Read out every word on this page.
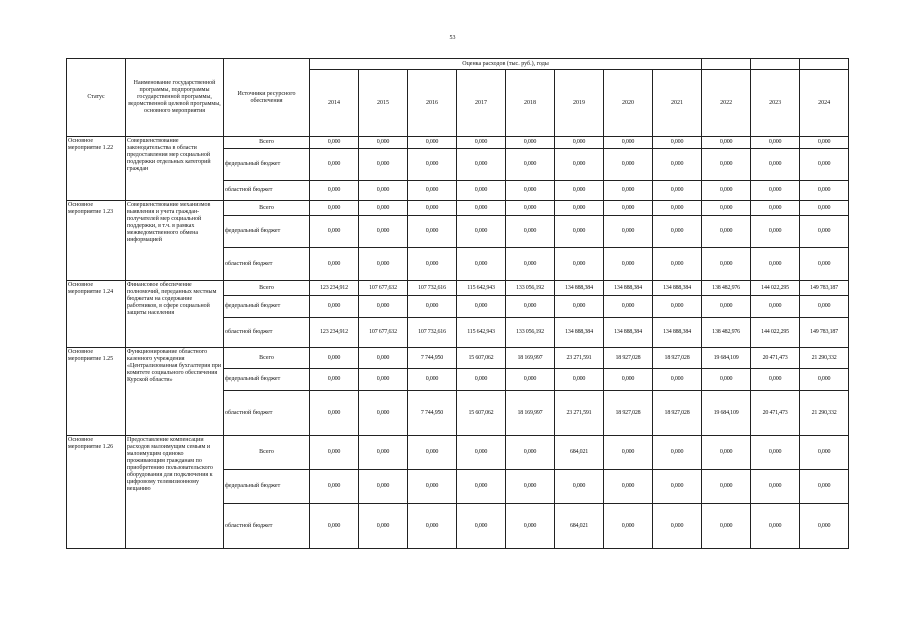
53
Статус	Наименование государственной программы, подпрограммы государственной программы, ведомственной целевой программы, основного мероприятия	Источники ресурсного обеспечения	Оценка расходов (тыс. руб.), годы										
			2014	2015	2016	2017	2018	2019	2020	2021	2022	2023	2024

Основное мероприятие 1.22	Совершенствование законодательства в области предоставления мер социальной поддержки отдельных категорий граждан	Всего	0,000	0,000	0,000	0,000	0,000	0,000	0,000	0,000	0,000	0,000	0,000
		федеральный бюджет	0,000	0,000	0,000	0,000	0,000	0,000	0,000	0,000	0,000	0,000	0,000
		областной бюджет	0,000	0,000	0,000	0,000	0,000	0,000	0,000	0,000	0,000	0,000	0,000
Основное мероприятие 1.23	Совершенствование механизмов выявления и учета граждан-получателей мер социальной поддержки, в т.ч. в рамках межведомственного обмена информацией	Всего	0,000	0,000	0,000	0,000	0,000	0,000	0,000	0,000	0,000	0,000	0,000
		федеральный бюджет	0,000	0,000	0,000	0,000	0,000	0,000	0,000	0,000	0,000	0,000	0,000
		областной бюджет	0,000	0,000	0,000	0,000	0,000	0,000	0,000	0,000	0,000	0,000	0,000
Основное мероприятие 1.24	Финансовое обеспечение полномочий, переданных местным бюджетам на содержание работников, в сфере социальной защиты населения	Всего	123 234,912	107 677,632	107 732,616	115 642,943	133 056,192	134 888,384	134 888,384	134 888,384	138 482,976	144 022,295	149 783,187
		федеральный бюджет	0,000	0,000	0,000	0,000	0,000	0,000	0,000	0,000	0,000	0,000	0,000
		областной бюджет	123 234,912	107 677,632	107 732,616	115 642,943	133 056,192	134 888,384	134 888,384	134 888,384	138 482,976	144 022,295	149 783,187
Основное мероприятие 1.25	Функционирование областного казенного учреждения «Централизованная бухгалтерия при комитете социального обеспечения Курской области»	Всего	0,000	0,000	7 744,950	15 607,062	18 169,997	23 271,591	18 927,028	18 927,028	19 684,109	20 471,473	21 290,332
		федеральный бюджет	0,000	0,000	0,000	0,000	0,000	0,000	0,000	0,000	0,000	0,000	0,000
		областной бюджет	0,000	0,000	7 744,950	15 607,062	18 169,997	23 271,591	18 927,028	18 927,028	19 684,109	20 471,473	21 290,332
Основное мероприятие 1.26	Предоставление компенсации расходов малоимущим семьям и малоимущим одиноко проживающим гражданам по приобретению пользовательского оборудования для подключения к цифровому телевизионному вещанию	Всего	0,000	0,000	0,000	0,000	0,000	684,021	0,000	0,000	0,000	0,000	0,000
		федеральный бюджет	0,000	0,000	0,000	0,000	0,000	0,000	0,000	0,000	0,000	0,000	0,000
		областной бюджет	0,000	0,000	0,000	0,000	0,000	684,021	0,000	0,000	0,000	0,000	0,000
